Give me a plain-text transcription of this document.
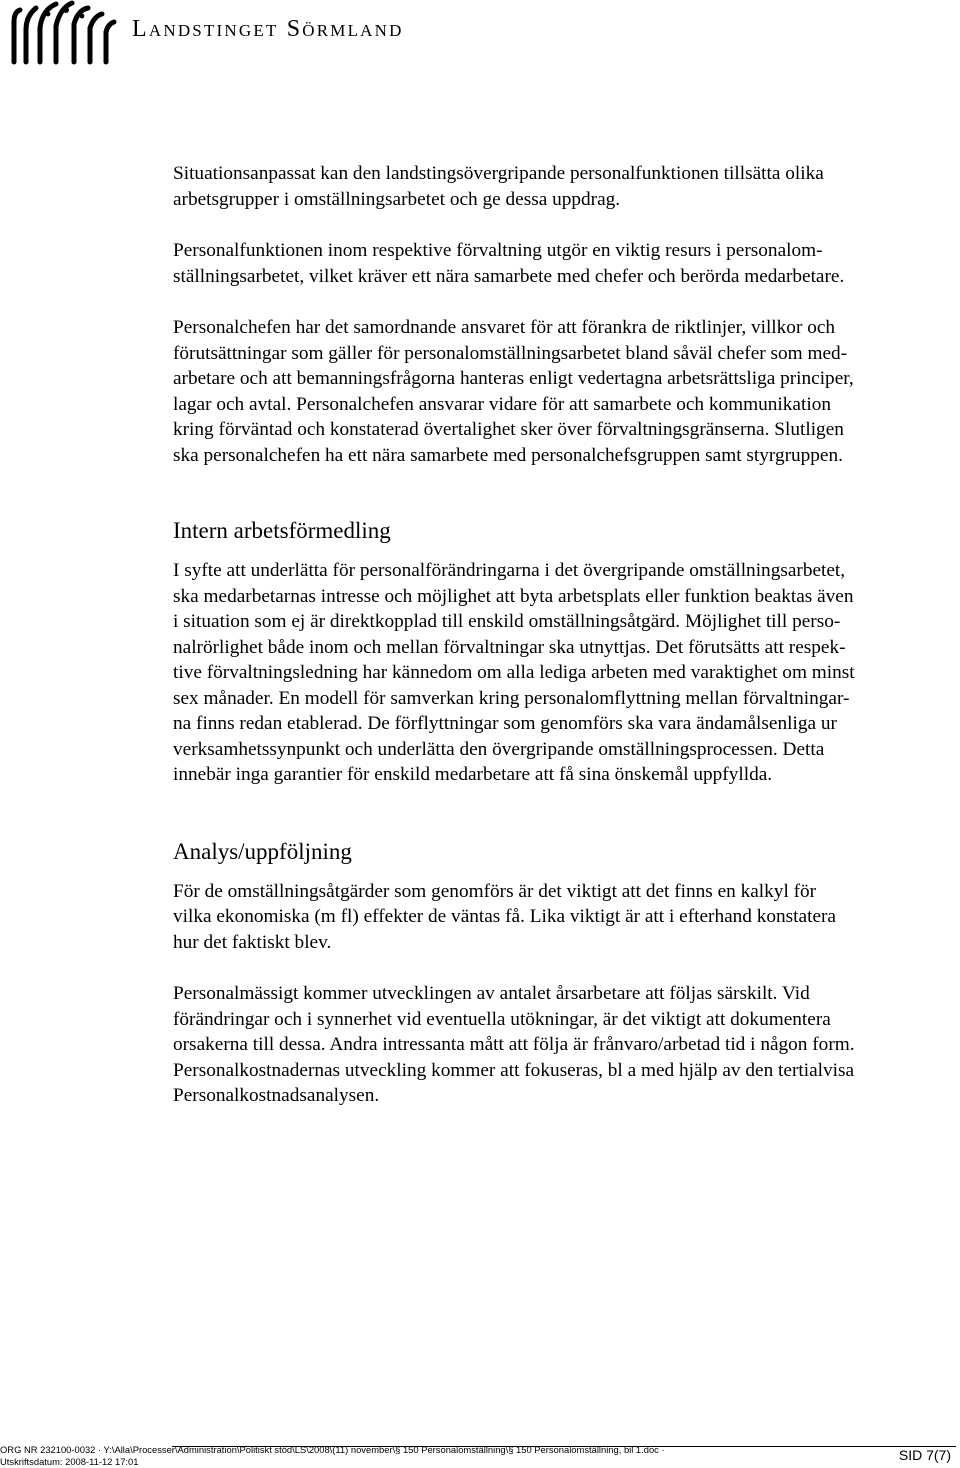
Landstinget Sörmland

Situationsanpassat kan den landstingsövergripande personalfunktionen tillsätta olika
arbetsgrupper i omställningsarbetet och ge dessa uppdrag.

Personalfunktionen inom respektive förvaltning utgör en viktig resurs i personalom-
ställningsarbetet, vilket kräver ett nära samarbete med chefer och berörda medarbetare.

Personalchefen har det samordnande ansvaret för att förankra de riktlinjer, villkor och
förutsättningar som gäller för personalomställningsarbetet bland såväl chefer som med-
arbetare och att bemanningsfrågorna hanteras enligt vedertagna arbetsrättsliga principer,
lagar och avtal. Personalchefen ansvarar vidare för att samarbete och kommunikation
kring förväntad och konstaterad övertalighet sker över förvaltningsgränserna. Slutligen
ska personalchefen ha ett nära samarbete med personalchefsgruppen samt styrgruppen.

Intern arbetsförmedling

I syfte att underlätta för personalförändringarna i det övergripande omställningsarbetet,
ska medarbetarnas intresse och möjlighet att byta arbetsplats eller funktion beaktas även
i situation som ej är direktkopplad till enskild omställningsåtgärd. Möjlighet till perso-
nalrörlighet både inom och mellan förvaltningar ska utnyttjas. Det förutsätts att respek-
tive förvaltningsledning har kännedom om alla lediga arbeten med varaktighet om minst
sex månader. En modell för samverkan kring personalomflyttning mellan förvaltningar-
na finns redan etablerad. De förflyttningar som genomförs ska vara ändamålsenliga ur
verksamhetssynpunkt och underlätta den övergripande omställningsprocessen. Detta
innebär inga garantier för enskild medarbetare att få sina önskemål uppfyllda.

Analys/uppföljning

För de omställningsåtgärder som genomförs är det viktigt att det finns en kalkyl för
vilka ekonomiska (m fl) effekter de väntas få. Lika viktigt är att i efterhand konstatera
hur det faktiskt blev.

Personalmässigt kommer utvecklingen av antalet årsarbetare att följas särskilt. Vid
förändringar och i synnerhet vid eventuella utökningar, är det viktigt att dokumentera
orsakerna till dessa. Andra intressanta mått att följa är frånvaro/arbetad tid i någon form.
Personalkostnadernas utveckling kommer att fokuseras, bl a med hjälp av den tertialvisa
Personalkostnadsanalysen.

ORG NR 232100-0032 · Y:\Alla\Processer\Administration\Politiskt stöd\LS\2008\(11) november\§ 150 Personalomställning\§ 150 Personalomställning, bil 1.doc ·
Utskriftsdatum: 2008-11-12 17:01	SID 7(7)
